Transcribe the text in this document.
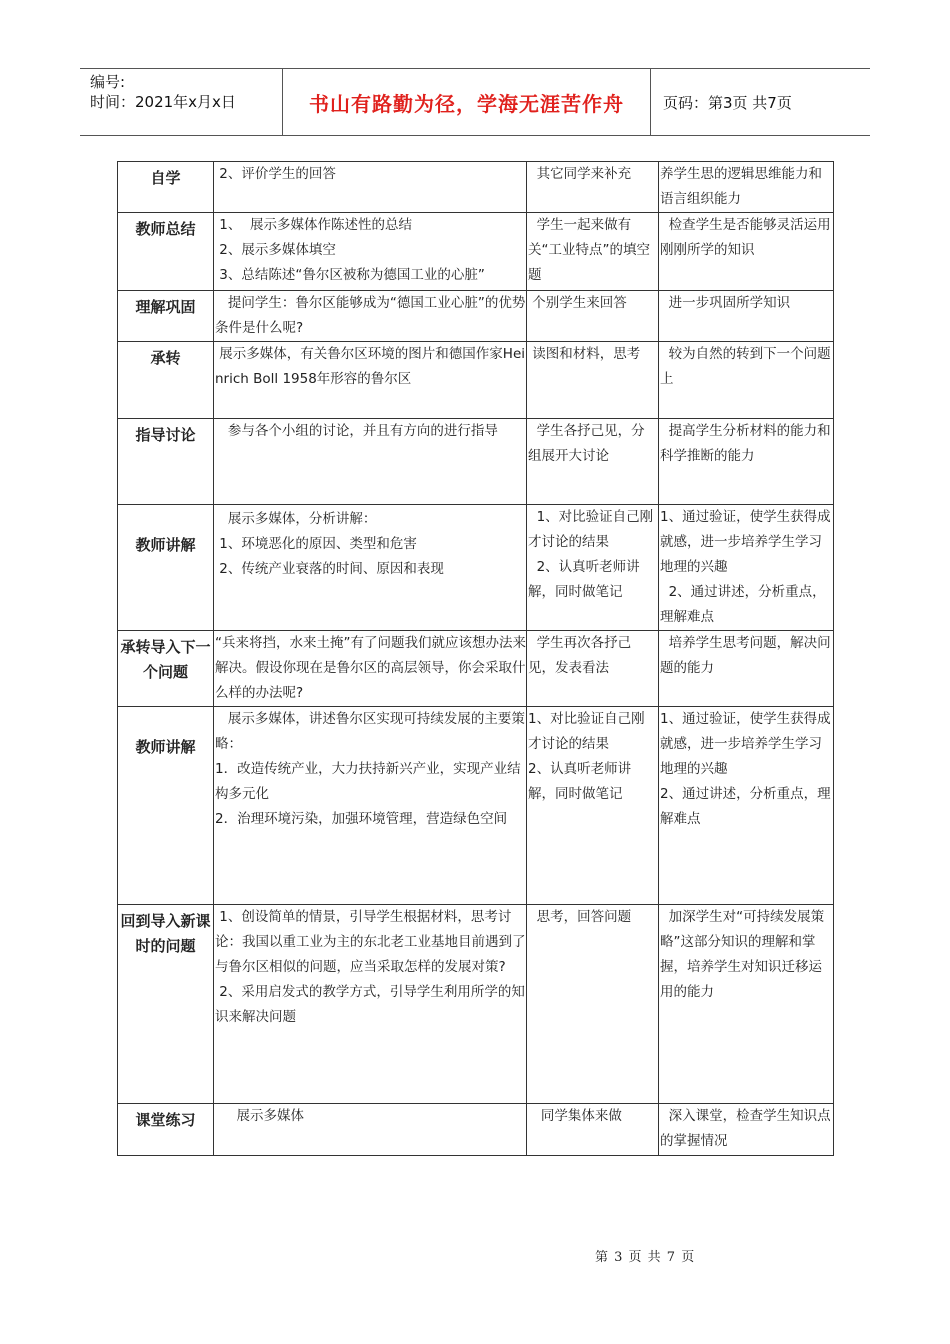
编号:
时间：2021年x月x日	书山有路勤为径，学海无涯苦作舟	页码：第3页 共7页
自学	2、评价学生的回答	其它同学来补充	养学生思的逻辑思维能力和语言组织能力

教师总结	1、  展示多媒体作陈述性的总结
2、展示多媒体填空
3、总结陈述“鲁尔区被称为德国工业的心脏”	学生一起来做有关“工业特点”的填空题	检查学生是否能够灵活运用刚刚所学的知识

理解巩固	提问学生：鲁尔区能够成为“德国工业心脏”的优势条件是什么呢?	个别学生来回答	进一步巩固所学知识

承转	展示多媒体，有关鲁尔区环境的图片和德国作家Heinrich Boll 1958年形容的鲁尔区	读图和材料，思考	较为自然的转到下一个问题上

指导讨论	参与各个小组的讨论，并且有方向的进行指导	学生各抒己见，分组展开大讨论	提高学生分析材料的能力和科学推断的能力

教师讲解	展示多媒体，分析讲解：
1、环境恶化的原因、类型和危害
2、传统产业衰落的时间、原因和表现	1、对比验证自己刚才讨论的结果
2、认真听老师讲解，同时做笔记	1、通过验证，使学生获得成就感，进一步培养学生学习地理的兴趣
2、通过讲述，分析重点，理解难点

承转导入下一个问题	“兵来将挡，水来土掩”有了问题我们就应该想办法来解决。假设你现在是鲁尔区的高层领导，你会采取什么样的办法呢?	学生再次各抒己见，发表看法	培养学生思考问题，解决问题的能力

教师讲解	展示多媒体，讲述鲁尔区实现可持续发展的主要策略：
1．改造传统产业，大力扶持新兴产业，实现产业结构多元化
2．治理环境污染，加强环境管理，营造绿色空间	1、对比验证自己刚才讨论的结果
2、认真听老师讲解，同时做笔记	1、通过验证，使学生获得成就感，进一步培养学生学习地理的兴趣
2、通过讲述，分析重点，理解难点

回到导入新课时的问题	1、创设简单的情景，引导学生根据材料，思考讨论：我国以重工业为主的东北老工业基地目前遇到了与鲁尔区相似的问题，应当采取怎样的发展对策?
2、采用启发式的教学方式，引导学生利用所学的知识来解决问题	思考，回答问题	加深学生对“可持续发展策略”这部分知识的理解和掌握，培养学生对知识迁移运用的能力

课堂练习	展示多媒体	同学集体来做	深入课堂，检查学生知识点的掌握情况
第 3 页 共 7 页
